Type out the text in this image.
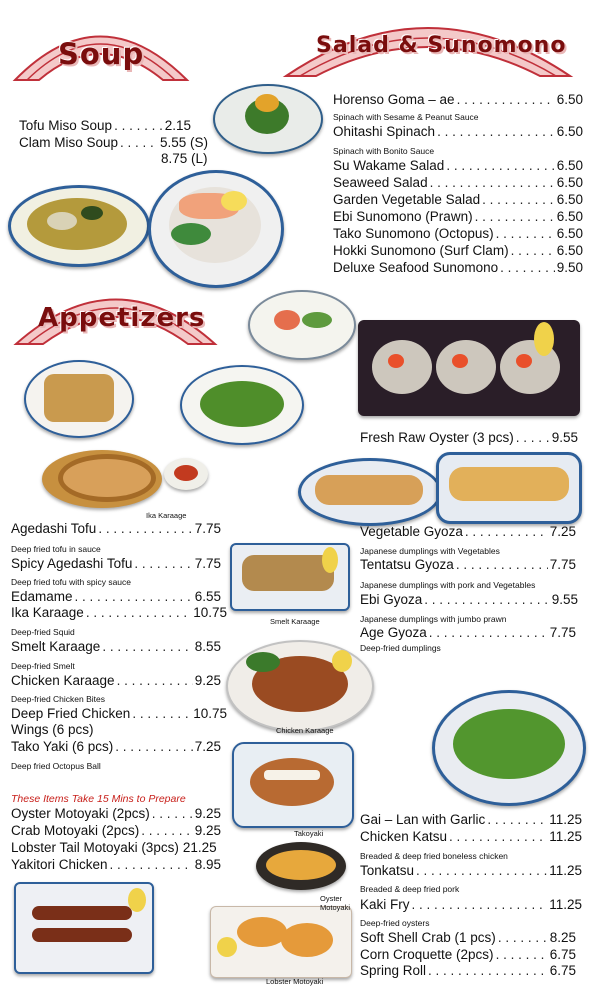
Soup	Salad & Sunomono
Appetizers
Tofu Miso Soup . . .	2.15
Clam Miso Soup . . .	5.55 (S)
8.75 (L)
Horenso Goma – ae . . .	6.50
Spinach with Sesame & Peanut Sauce
Ohitashi Spinach . . .	6.50
Spinach with Bonito Sauce
Su Wakame Salad . . .	6.50
Seaweed Salad . . .	6.50
Garden Vegetable Salad . . .	6.50
Ebi Sunomono (Prawn) . . .	6.50
Tako Sunomono (Octopus) . . .	6.50
Hokki Sunomono (Surf Clam) . . .	6.50
Deluxe Seafood Sunomono . . .	9.50
Fresh Raw Oyster (3 pcs) . . .	9.55
Ika Karaage
Agedashi Tofu . . .	7.75
Deep fried tofu in sauce
Spicy Agedashi Tofu . . .	7.75
Deep fried tofu with spicy sauce
Edamame . . .	6.55
Ika Karaage . . .	10.75
Deep-fried Squid
Smelt Karaage . . .	8.55
Deep-fried Smelt
Chicken Karaage . . .	9.25
Deep-fried Chicken Bites
Deep Fried Chicken . . .	10.75
Wings (6 pcs)
Tako Yaki (6 pcs) . . .	7.25
Deep fried Octopus Ball
These Items Take 15 Mins to Prepare
Oyster Motoyaki (2pcs) . . .	9.25
Crab Motoyaki (2pcs) . . .	9.25
Lobster Tail Motoyaki (3pcs) 21.25
Yakitori Chicken . . .	8.95
Smelt Karaage
Chicken Karaage
Takoyaki
Oyster Motoyaki
Lobster Motoyaki
Vegetable Gyoza . . .	7.25
Japanese dumplings with Vegetables
Tentatsu Gyoza . . .	7.75
Japanese dumplings with pork and Vegetables
Ebi Gyoza . . .	9.55
Japanese dumplings with jumbo prawn
Age Gyoza . . .	7.75
Deep-fried dumplings
Gai – Lan with Garlic . . .	11.25
Chicken Katsu . . .	11.25
Breaded & deep fried boneless chicken
Tonkatsu . . .	11.25
Breaded & deep fried pork
Kaki Fry . . .	11.25
Deep-fried oysters
Soft Shell Crab (1 pcs) . . .	8.25
Corn Croquette (2pcs) . . .	6.75
Spring Roll . . .	6.75
